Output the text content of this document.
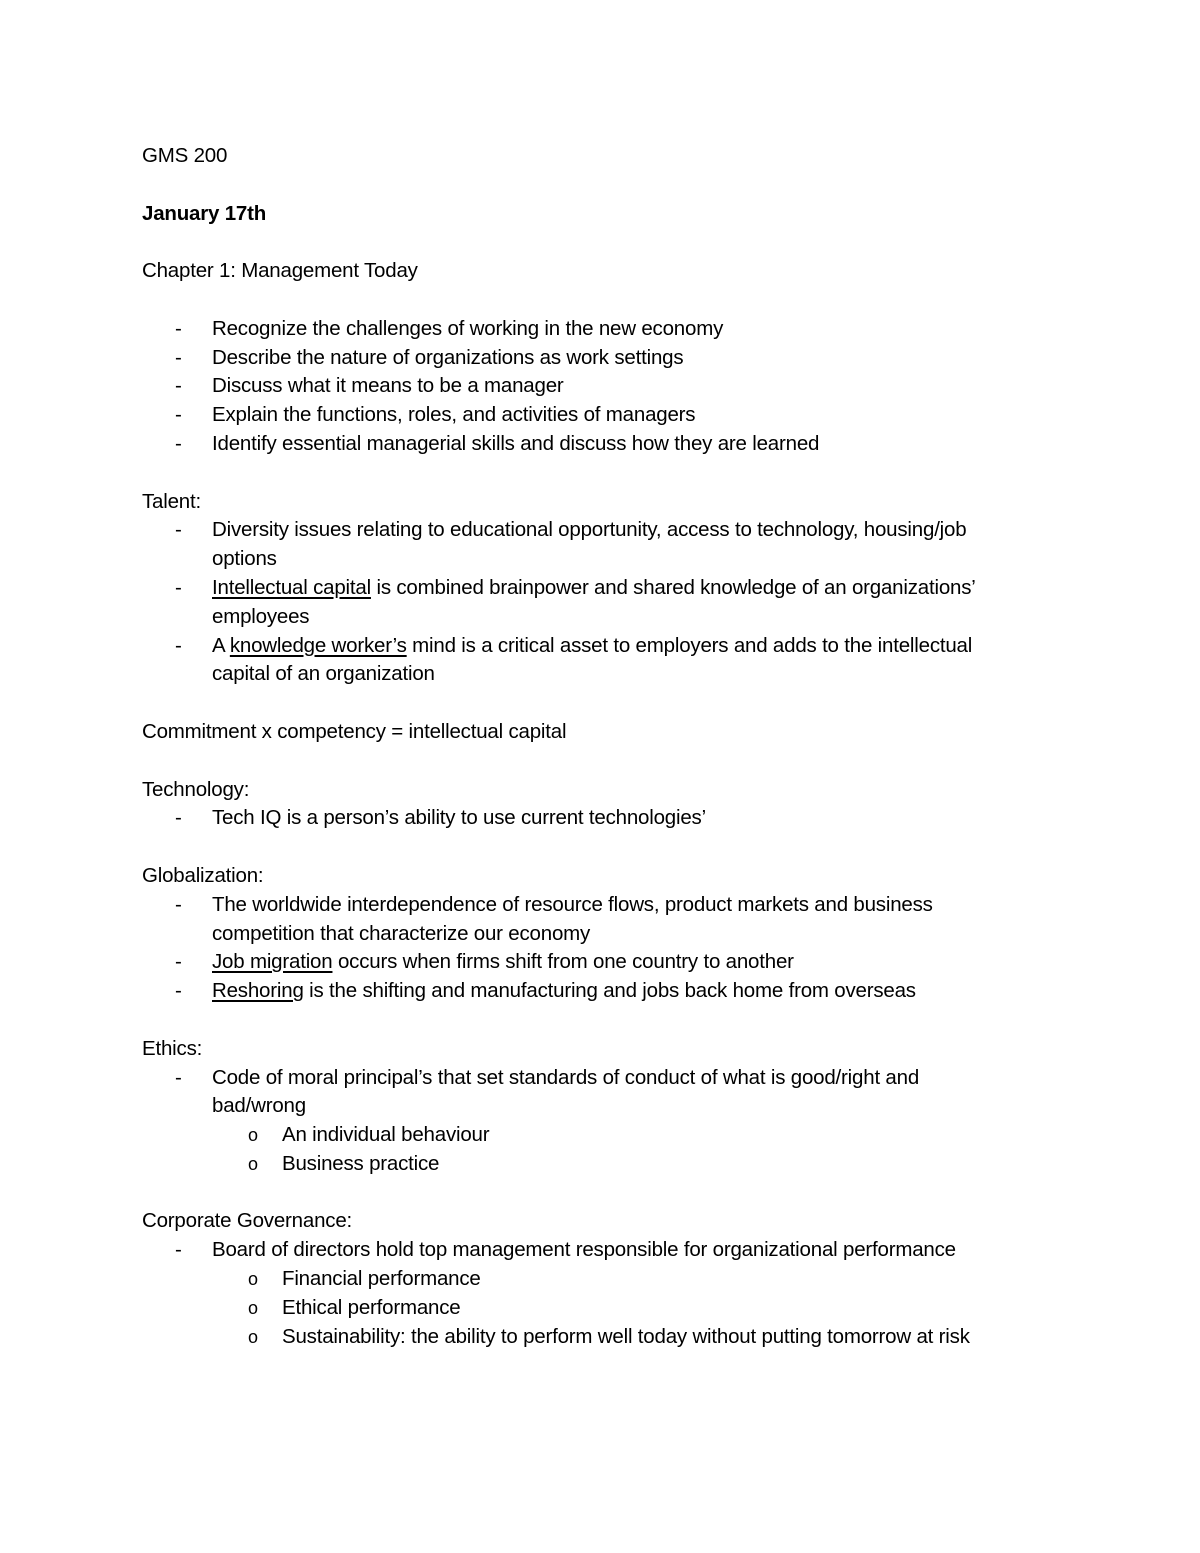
GMS 200
January 17th
Chapter 1: Management Today
- Recognize the challenges of working in the new economy
- Describe the nature of organizations as work settings
- Discuss what it means to be a manager
- Explain the functions, roles, and activities of managers
- Identify essential managerial skills and discuss how they are learned
Talent:
- Diversity issues relating to educational opportunity, access to technology, housing/job
options
- Intellectual capital is combined brainpower and shared knowledge of an organizations’
employees
- A knowledge worker’s mind is a critical asset to employers and adds to the intellectual
capital of an organization
Commitment x competency = intellectual capital
Technology:
- Tech IQ is a person’s ability to use current technologies’
Globalization:
- The worldwide interdependence of resource flows, product markets and business
competition that characterize our economy
- Job migration occurs when firms shift from one country to another
- Reshoring is the shifting and manufacturing and jobs back home from overseas
Ethics:
- Code of moral principal’s that set standards of conduct of what is good/right and
bad/wrong
o An individual behaviour
o Business practice
Corporate Governance:
- Board of directors hold top management responsible for organizational performance
o Financial performance
o Ethical performance
o Sustainability: the ability to perform well today without putting tomorrow at risk
